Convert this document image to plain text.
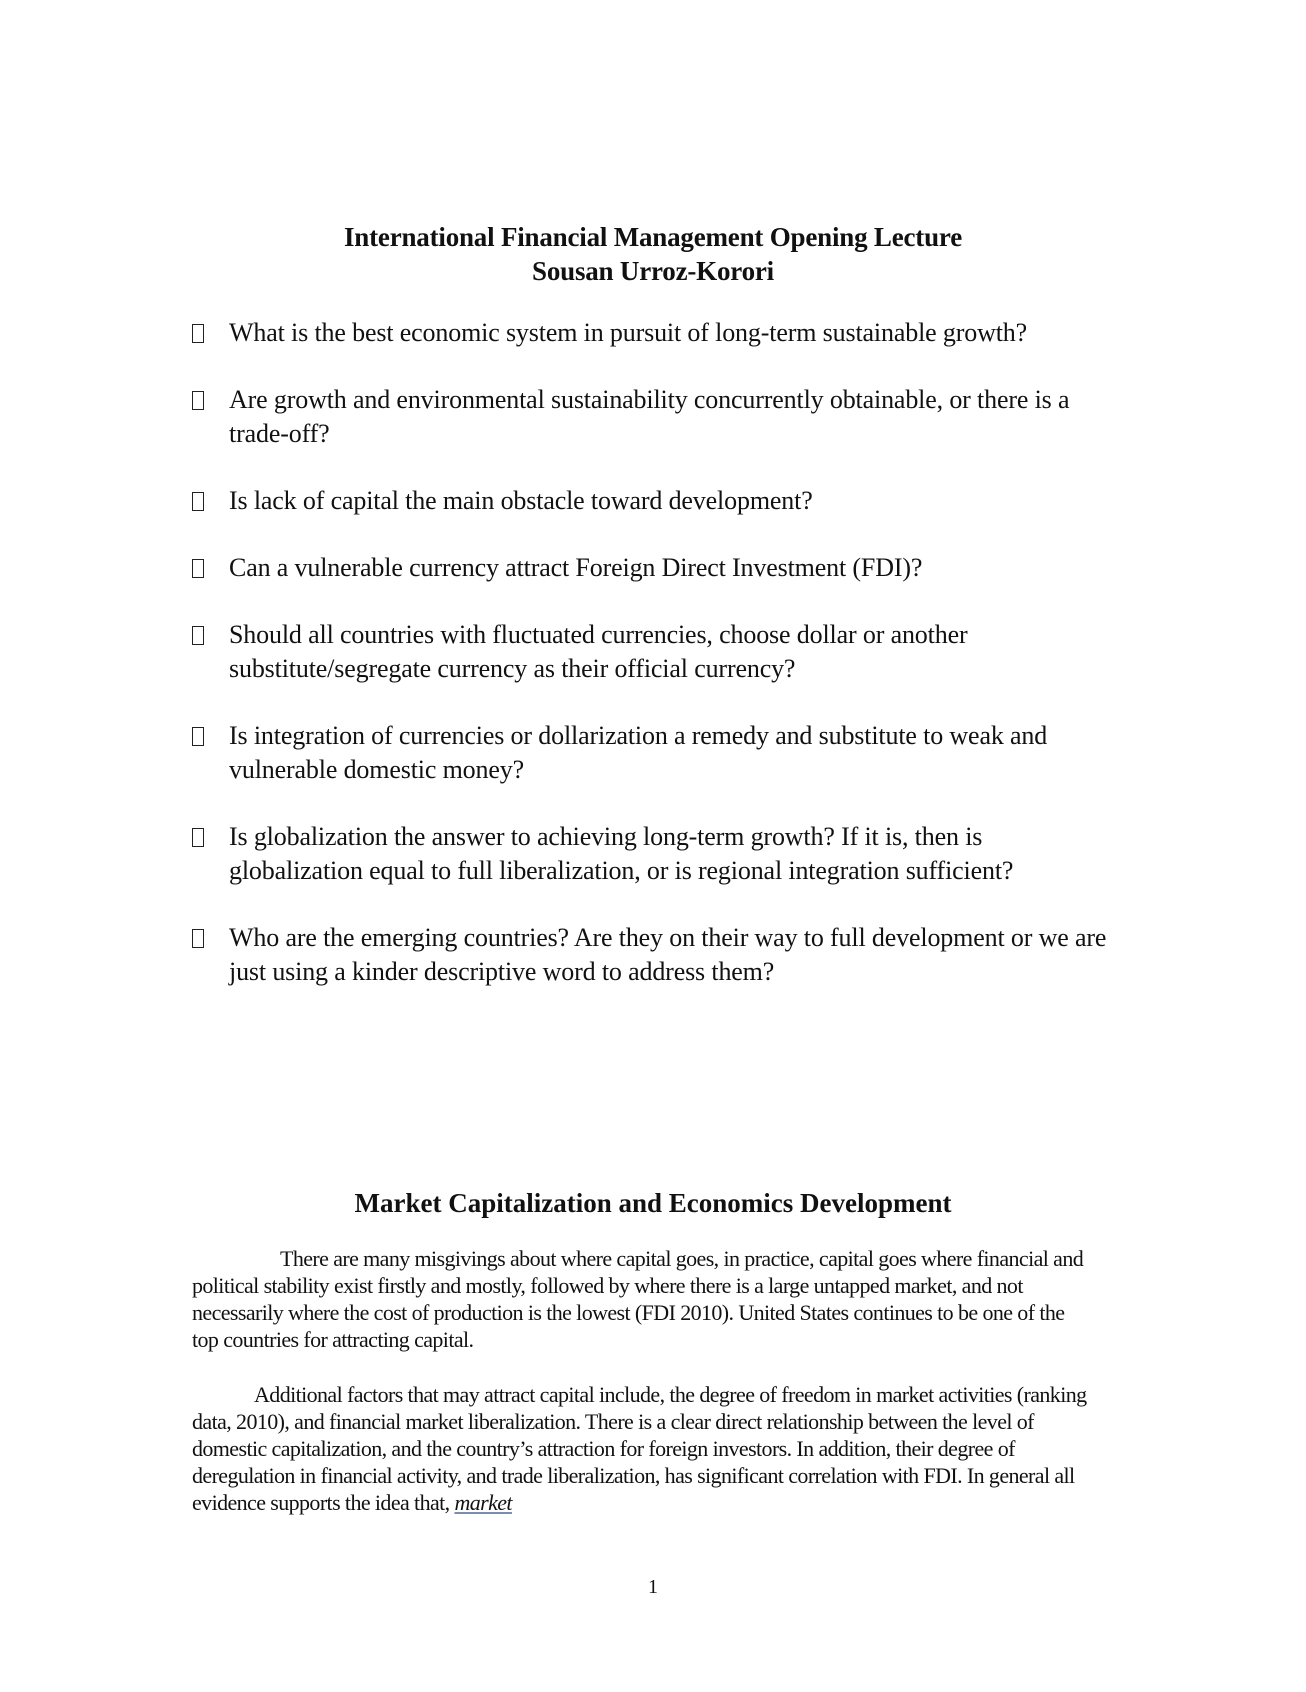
International Financial Management Opening Lecture
Sousan Urroz-Korori
What is the best economic system in pursuit of long-term sustainable growth?
Are growth and environmental sustainability concurrently obtainable, or there is a trade-off?
Is lack of capital the main obstacle toward development?
Can a vulnerable currency attract Foreign Direct Investment (FDI)?
Should all countries with fluctuated currencies, choose dollar or another substitute/segregate currency as their official currency?
Is integration of currencies or dollarization a remedy and substitute to weak and vulnerable domestic money?
Is globalization the answer to achieving long-term growth? If it is, then is globalization equal to full liberalization, or is regional integration sufficient?
Who are the emerging countries? Are they on their way to full development or we are just using a kinder descriptive word to address them?
Market Capitalization and Economics Development

There are many misgivings about where capital goes, in practice, capital goes where financial and political stability exist firstly and mostly, followed by where there is a large untapped market, and not necessarily where the cost of production is the lowest (FDI 2010). United States continues to be one of the top countries for attracting capital.

Additional factors that may attract capital include, the degree of freedom in market activities (ranking data, 2010), and financial market liberalization. There is a clear direct relationship between the level of domestic capitalization, and the country’s attraction for foreign investors. In addition, their degree of deregulation in financial activity, and trade liberalization, has significant correlation with FDI. In general all evidence supports the idea that, market

1
